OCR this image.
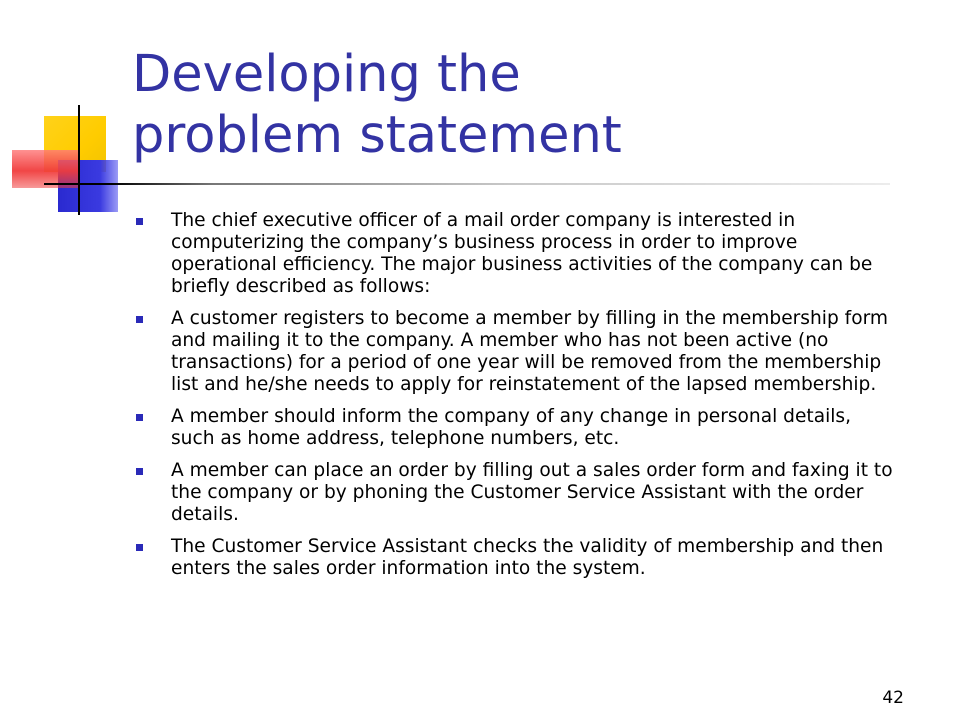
Developing the
problem statement
The chief executive officer of a mail order company is interested in computerizing the company’s business process in order to improve operational efficiency. The major business activities of the company can be briefly described as follows:
A customer registers to become a member by filling in the membership form and mailing it to the company. A member who has not been active (no transactions) for a period of one year will be removed from the membership list and he/she needs to apply for reinstatement of the lapsed membership.
A member should inform the company of any change in personal details, such as home address, telephone numbers, etc.
A member can place an order by filling out a sales order form and faxing it to the company or by phoning the Customer Service Assistant with the order details.
The Customer Service Assistant checks the validity of membership and then enters the sales order information into the system.
42
